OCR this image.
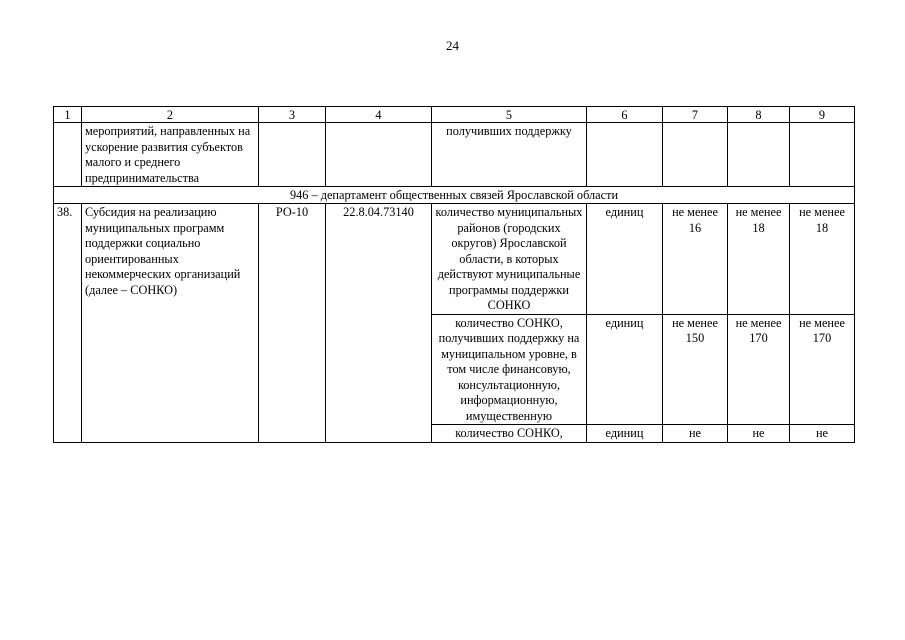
24
1	2	3	4	5	6	7	8	9
	мероприятий, направленных на ускорение развития субъектов малого и среднего предпринимательства			получивших поддержку				
946 – департамент общественных связей Ярославской области								
38.	Субсидия на реализацию муниципальных программ поддержки социально ориентированных некоммерческих организаций (далее – СОНКО)	РО-10	22.8.04.73140	количество муниципальных районов (городских округов) Ярославской области, в которых действуют муниципальные программы поддержки СОНКО	единиц	не менее 16	не менее 18	не менее 18
				количество СОНКО, получивших поддержку на муниципальном уровне, в том числе финансовую, консультационную, информационную, имущественную	единиц	не менее 150	не менее 170	не менее 170
				количество СОНКО,	единиц	не	не	не
